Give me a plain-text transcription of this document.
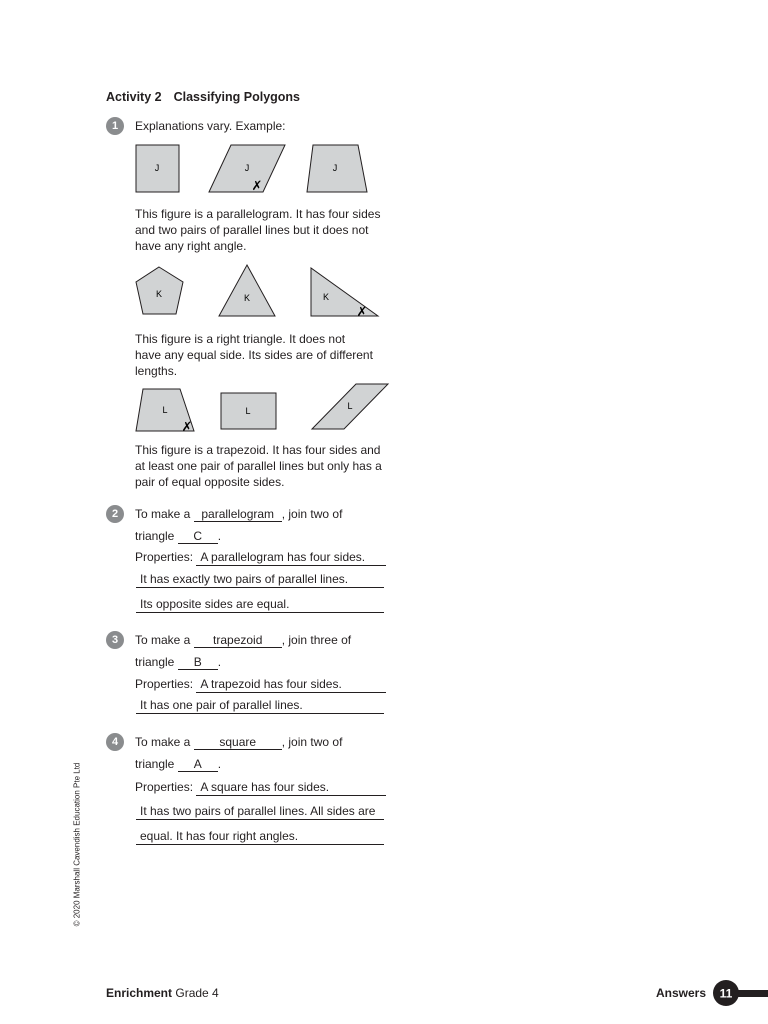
Activity 2 Classifying Polygons
1	Explanations vary. Example:
J	J
✗
J
This figure is a parallelogram. It has four sides
and two pairs of parallel lines but it does not
have any right angle.
K	K	K
✗
This figure is a right triangle. It does not
have any equal side. Its sides are of different
lengths.
L
✗
L	L
This figure is a trapezoid. It has four sides and
at least one pair of parallel lines but only has a
pair of equal opposite sides.
2	To make a parallelogram , join two of
triangle C .
Properties: A parallelogram has four sides.
It has exactly two pairs of parallel lines.
Its opposite sides are equal.
3	To make a trapezoid , join three of
triangle B .
Properties: A trapezoid has four sides.
It has one pair of parallel lines.
4	To make a square , join two of
triangle A .
Properties: A square has four sides.
It has two pairs of parallel lines. All sides are
equal. It has four right angles.
© 2020 Marshall Cavendish Education Pte Ltd
Enrichment Grade 4	Answers 11
